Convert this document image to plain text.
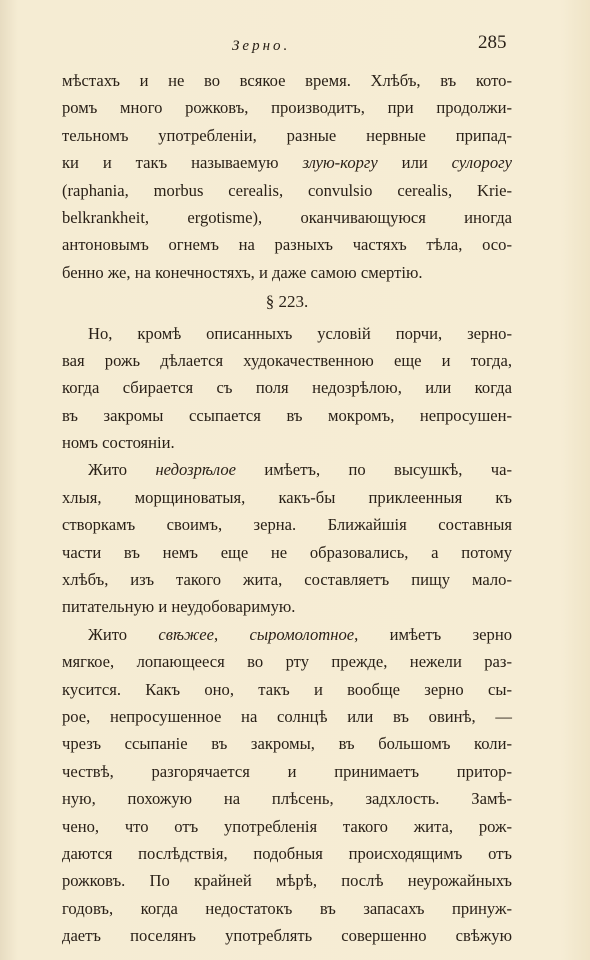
Зерно.	285
мѣстахъ и не во всякое время. Хлѣбъ, въ кото-
ромъ много рожковъ, производитъ, при продолжи-
тельномъ употребленіи, разные нервные припад-
ки и такъ называемую злую-коргу или сулорогу
(raphania, morbus cerealis, convulsio cerealis, Krie-
belkrankheit, ergotisme), оканчивающуюся иногда
антоновымъ огнемъ на разныхъ частяхъ тѣла, осо-
бенно же, на конечностяхъ, и даже самою смертію.
§ 223.
Но, кромѣ описанныхъ условій порчи, зерно-
вая рожь дѣлается худокачественною еще и тогда,
когда сбирается съ поля недозрѣлою, или когда
въ закромы ссыпается въ мокромъ, непросушен-
номъ состояніи.
Жито недозрѣлое имѣетъ, по высушкѣ, ча-
хлыя, морщиноватыя, какъ-бы приклеенныя къ
створкамъ своимъ, зерна. Ближайшія составныя
части въ немъ еще не образовались, а потому
хлѣбъ, изъ такого жита, составляетъ пищу мало-
питательную и неудобоваримую.
Жито свѣжее, сыромолотное, имѣетъ зерно
мягкое, лопающееся во рту прежде, нежели раз-
кусится. Какъ оно, такъ и вообще зерно сы-
рое, непросушенное на солнцѣ или въ овинѣ, —
чрезъ ссыпаніе въ закромы, въ большомъ коли-
чествѣ, разгорячается и принимаетъ притор-
ную, похожую на плѣсень, задхлость. Замѣ-
чено, что отъ употребленія такого жита, рож-
даются послѣдствія, подобныя происходящимъ отъ
рожковъ. По крайней мѣрѣ, послѣ неурожайныхъ
годовъ, когда недостатокъ въ запасахъ принуж-
даетъ поселянъ употреблять совершенно свѣжую
